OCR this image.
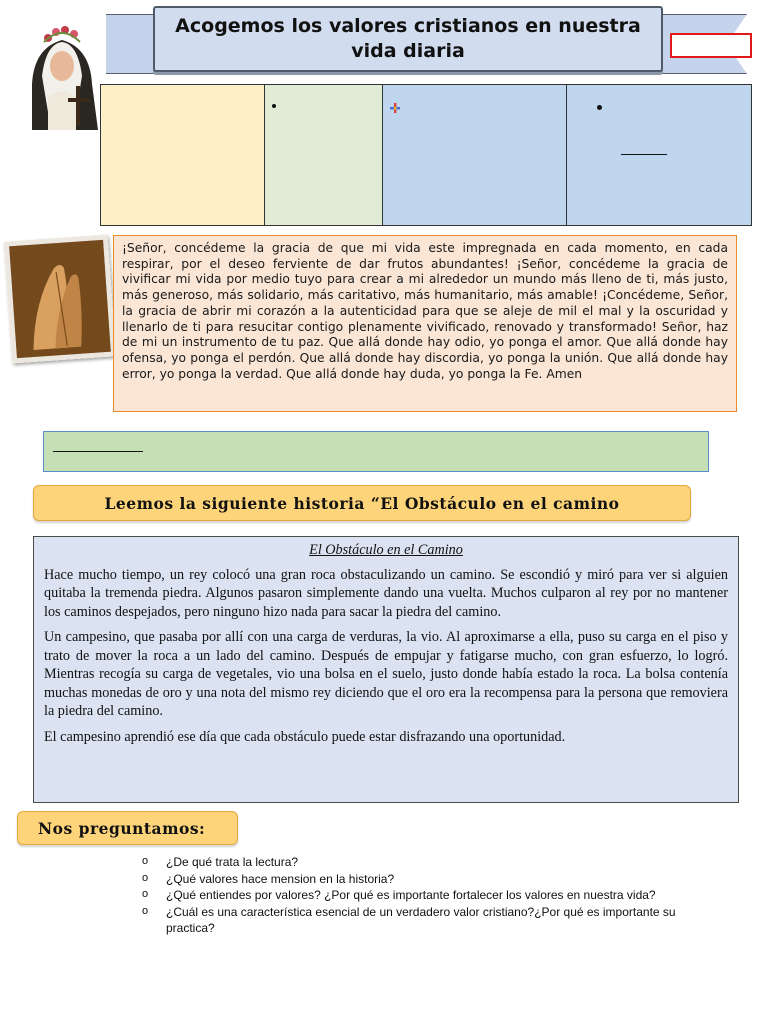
Acogemos los valores cristianos en nuestra vida diaria
¡Señor, concédeme la gracia de que mi vida este impregnada en cada momento, en cada respirar, por el deseo ferviente de dar frutos abundantes! ¡Señor, concédeme la gracia de vivificar mi vida por medio tuyo para crear a mi alrededor un mundo más lleno de ti, más justo, más generoso, más solidario, más caritativo, más humanitario, más amable! ¡Concédeme, Señor, la gracia de abrir mi corazón a la autenticidad para que se aleje de mil el mal y la oscuridad y llenarlo de ti para resucitar contigo plenamente vivificado, renovado y transformado! Señor, haz de mi un instrumento de tu paz. Que allá donde hay odio, yo ponga el amor. Que allá donde hay ofensa, yo ponga el perdón. Que allá donde hay discordia, yo ponga la unión. Que allá donde hay error, yo ponga la verdad. Que allá donde hay duda, yo ponga la Fe. Amen
Leemos la siguiente historia “El Obstáculo en el camino
El Obstáculo en el Camino

Hace mucho tiempo, un rey colocó una gran roca obstaculizando un camino. Se escondió y miró para ver si alguien quitaba la tremenda piedra. Algunos pasaron simplemente dando una vuelta. Muchos culparon al rey por no mantener los caminos despejados, pero ninguno hizo nada para sacar la piedra del camino.

Un campesino, que pasaba por allí con una carga de verduras, la vio. Al aproximarse a ella, puso su carga en el piso y trato de mover la roca a un lado del camino. Después de empujar y fatigarse mucho, con gran esfuerzo, lo logró. Mientras recogía su carga de vegetales, vio una bolsa en el suelo, justo donde había estado la roca. La bolsa contenía muchas monedas de oro y una nota del mismo rey diciendo que el oro era la recompensa para la persona que removiera la piedra del camino.

El campesino aprendió ese día que cada obstáculo puede estar disfrazando una oportunidad.

Nos preguntamos:
o ¿De qué trata la lectura?
o ¿Qué valores hace mension en la historia?
o ¿Qué entiendes por valores? ¿Por qué es importante fortalecer los valores en nuestra vida?
o ¿Cuál es una característica esencial de un verdadero valor cristiano?¿Por qué es importante su practica?
